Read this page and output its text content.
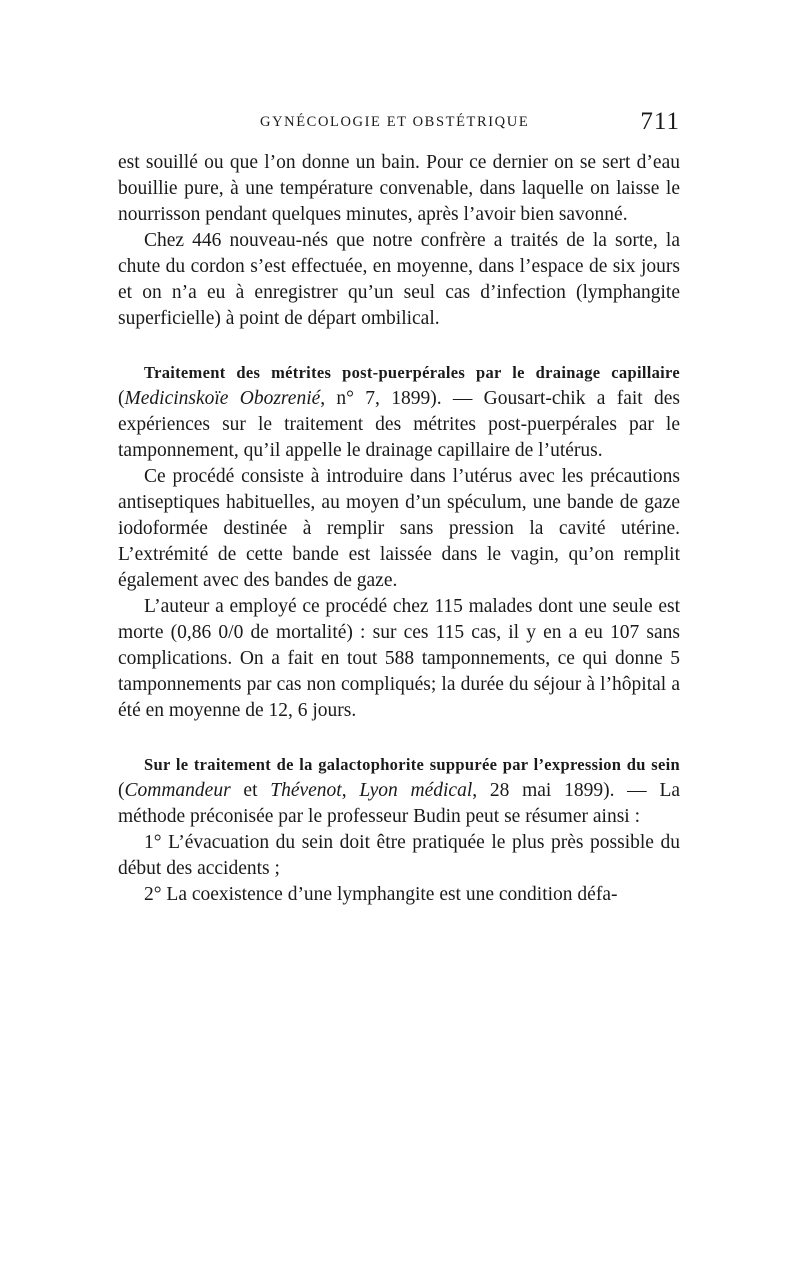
GYNÉCOLOGIE ET OBSTÉTRIQUE	711

est souillé ou que l’on donne un bain. Pour ce dernier on se sert d’eau bouillie pure, à une température convenable, dans laquelle on laisse le nourrisson pendant quelques minutes, après l’avoir bien savonné.

Chez 446 nouveau-nés que notre confrère a traités de la sorte, la chute du cordon s’est effectuée, en moyenne, dans l’espace de six jours et on n’a eu à enregistrer qu’un seul cas d’infection (lymphangite superficielle) à point de départ ombilical.

Traitement des métrites post-puerpérales par le drainage capillaire (Medicinskoïe Obozrenié, n° 7, 1899). — Gousart-chik a fait des expériences sur le traitement des métrites post-puerpérales par le tamponnement, qu’il appelle le drainage capillaire de l’utérus.

Ce procédé consiste à introduire dans l’utérus avec les précautions antiseptiques habituelles, au moyen d’un spéculum, une bande de gaze iodoformée destinée à remplir sans pression la cavité utérine. L’extrémité de cette bande est laissée dans le vagin, qu’on remplit également avec des bandes de gaze.

L’auteur a employé ce procédé chez 115 malades dont une seule est morte (0,86 0/0 de mortalité) : sur ces 115 cas, il y en a eu 107 sans complications. On a fait en tout 588 tamponnements, ce qui donne 5 tamponnements par cas non compliqués; la durée du séjour à l’hôpital a été en moyenne de 12, 6 jours.

Sur le traitement de la galactophorite suppurée par l’expression du sein (Commandeur et Thévenot, Lyon médical, 28 mai 1899). — La méthode préconisée par le professeur Budin peut se résumer ainsi :

1° L’évacuation du sein doit être pratiquée le plus près possible du début des accidents ;

2° La coexistence d’une lymphangite est une condition défa-
